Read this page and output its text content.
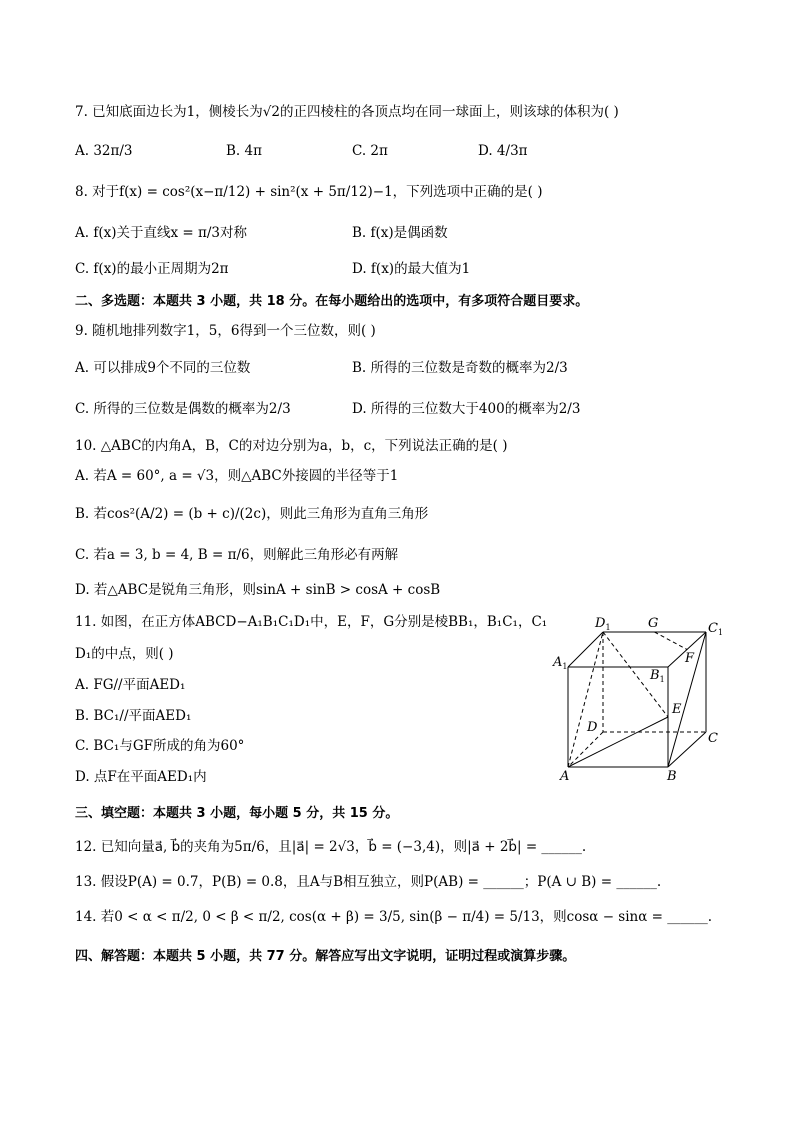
7. 已知底面边长为1，侧棱长为√2的正四棱柱的各顶点均在同一球面上，则该球的体积为( )
A. 32π/3	B. 4π	C. 2π	D. 4/3π
8. 对于f(x) = cos²(x−π/12) + sin²(x + 5π/12)−1，下列选项中正确的是( )
A. f(x)关于直线x = π/3对称	B. f(x)是偶函数
C. f(x)的最小正周期为2π	D. f(x)的最大值为1
二、多选题：本题共 3 小题，共 18 分。在每小题给出的选项中，有多项符合题目要求。
9. 随机地排列数字1，5，6得到一个三位数，则( )
A. 可以排成9个不同的三位数	B. 所得的三位数是奇数的概率为2/3
C. 所得的三位数是偶数的概率为2/3	D. 所得的三位数大于400的概率为2/3
10. △ABC的内角A，B，C的对边分别为a，b，c，下列说法正确的是( )
A. 若A = 60°, a = √3，则△ABC外接圆的半径等于1
B. 若cos²(A/2) = (b + c)/(2c)，则此三角形为直角三角形
C. 若a = 3, b = 4, B = π/6，则解此三角形必有两解
D. 若△ABC是锐角三角形，则sinA + sinB > cosA + cosB
11. 如图，在正方体ABCD−A₁B₁C₁D₁中，E，F，G分别是棱BB₁，B₁C₁，C₁
D₁的中点，则( )
A. FG//平面AED₁
B. BC₁//平面AED₁
C. BC₁与GF所成的角为60°
D. 点F在平面AED₁内
$D_1$	G	$C_1$
$A_1$
F
$B_1$
E
D
C
A	B
三、填空题：本题共 3 小题，每小题 5 分，共 15 分。
12. 已知向量a⃗, b⃗的夹角为5π/6，且|a⃗| = 2√3，b⃗ = (−3,4)，则|a⃗ + 2b⃗| = ______.
13. 假设P(A) = 0.7，P(B) = 0.8，且A与B相互独立，则P(AB) = ______；P(A ∪ B) = ______.
14. 若0 < α < π/2, 0 < β < π/2, cos(α + β) = 3/5, sin(β − π/4) = 5/13，则cosα − sinα = ______.
四、解答题：本题共 5 小题，共 77 分。解答应写出文字说明，证明过程或演算步骤。
